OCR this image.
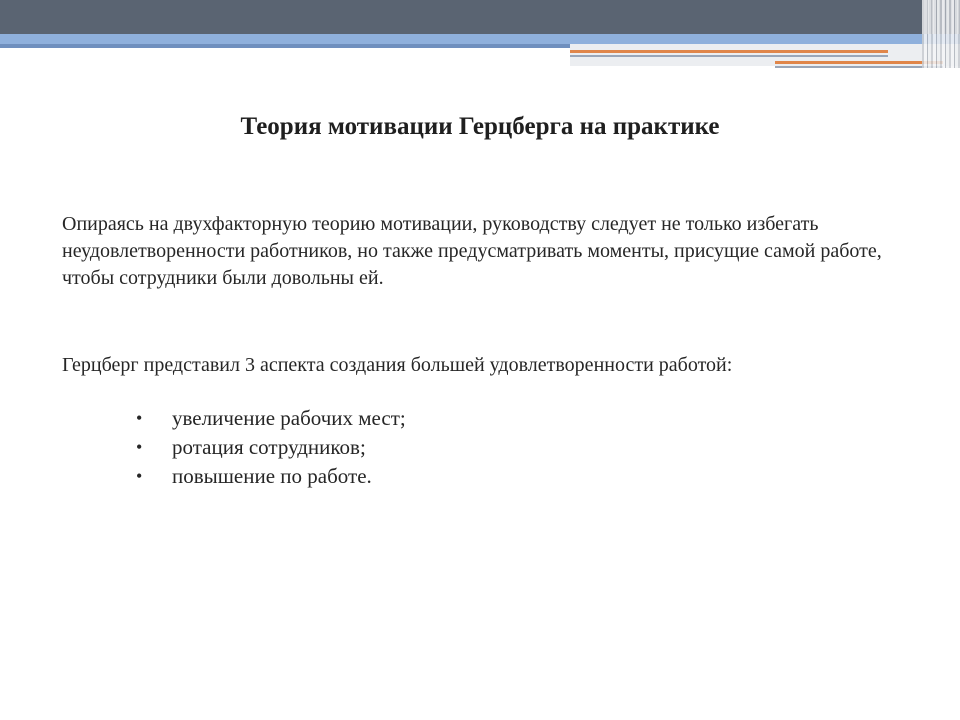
Теория мотивации Герцберга на практике
Опираясь на двухфакторную теорию мотивации, руководству следует не только избегать неудовлетворенности работников, но также предусматривать моменты, присущие самой работе, чтобы сотрудники были довольны ей.
Герцберг представил 3 аспекта создания большей удовлетворенности работой:
• увеличение рабочих мест;
• ротация сотрудников;
• повышение по работе.
